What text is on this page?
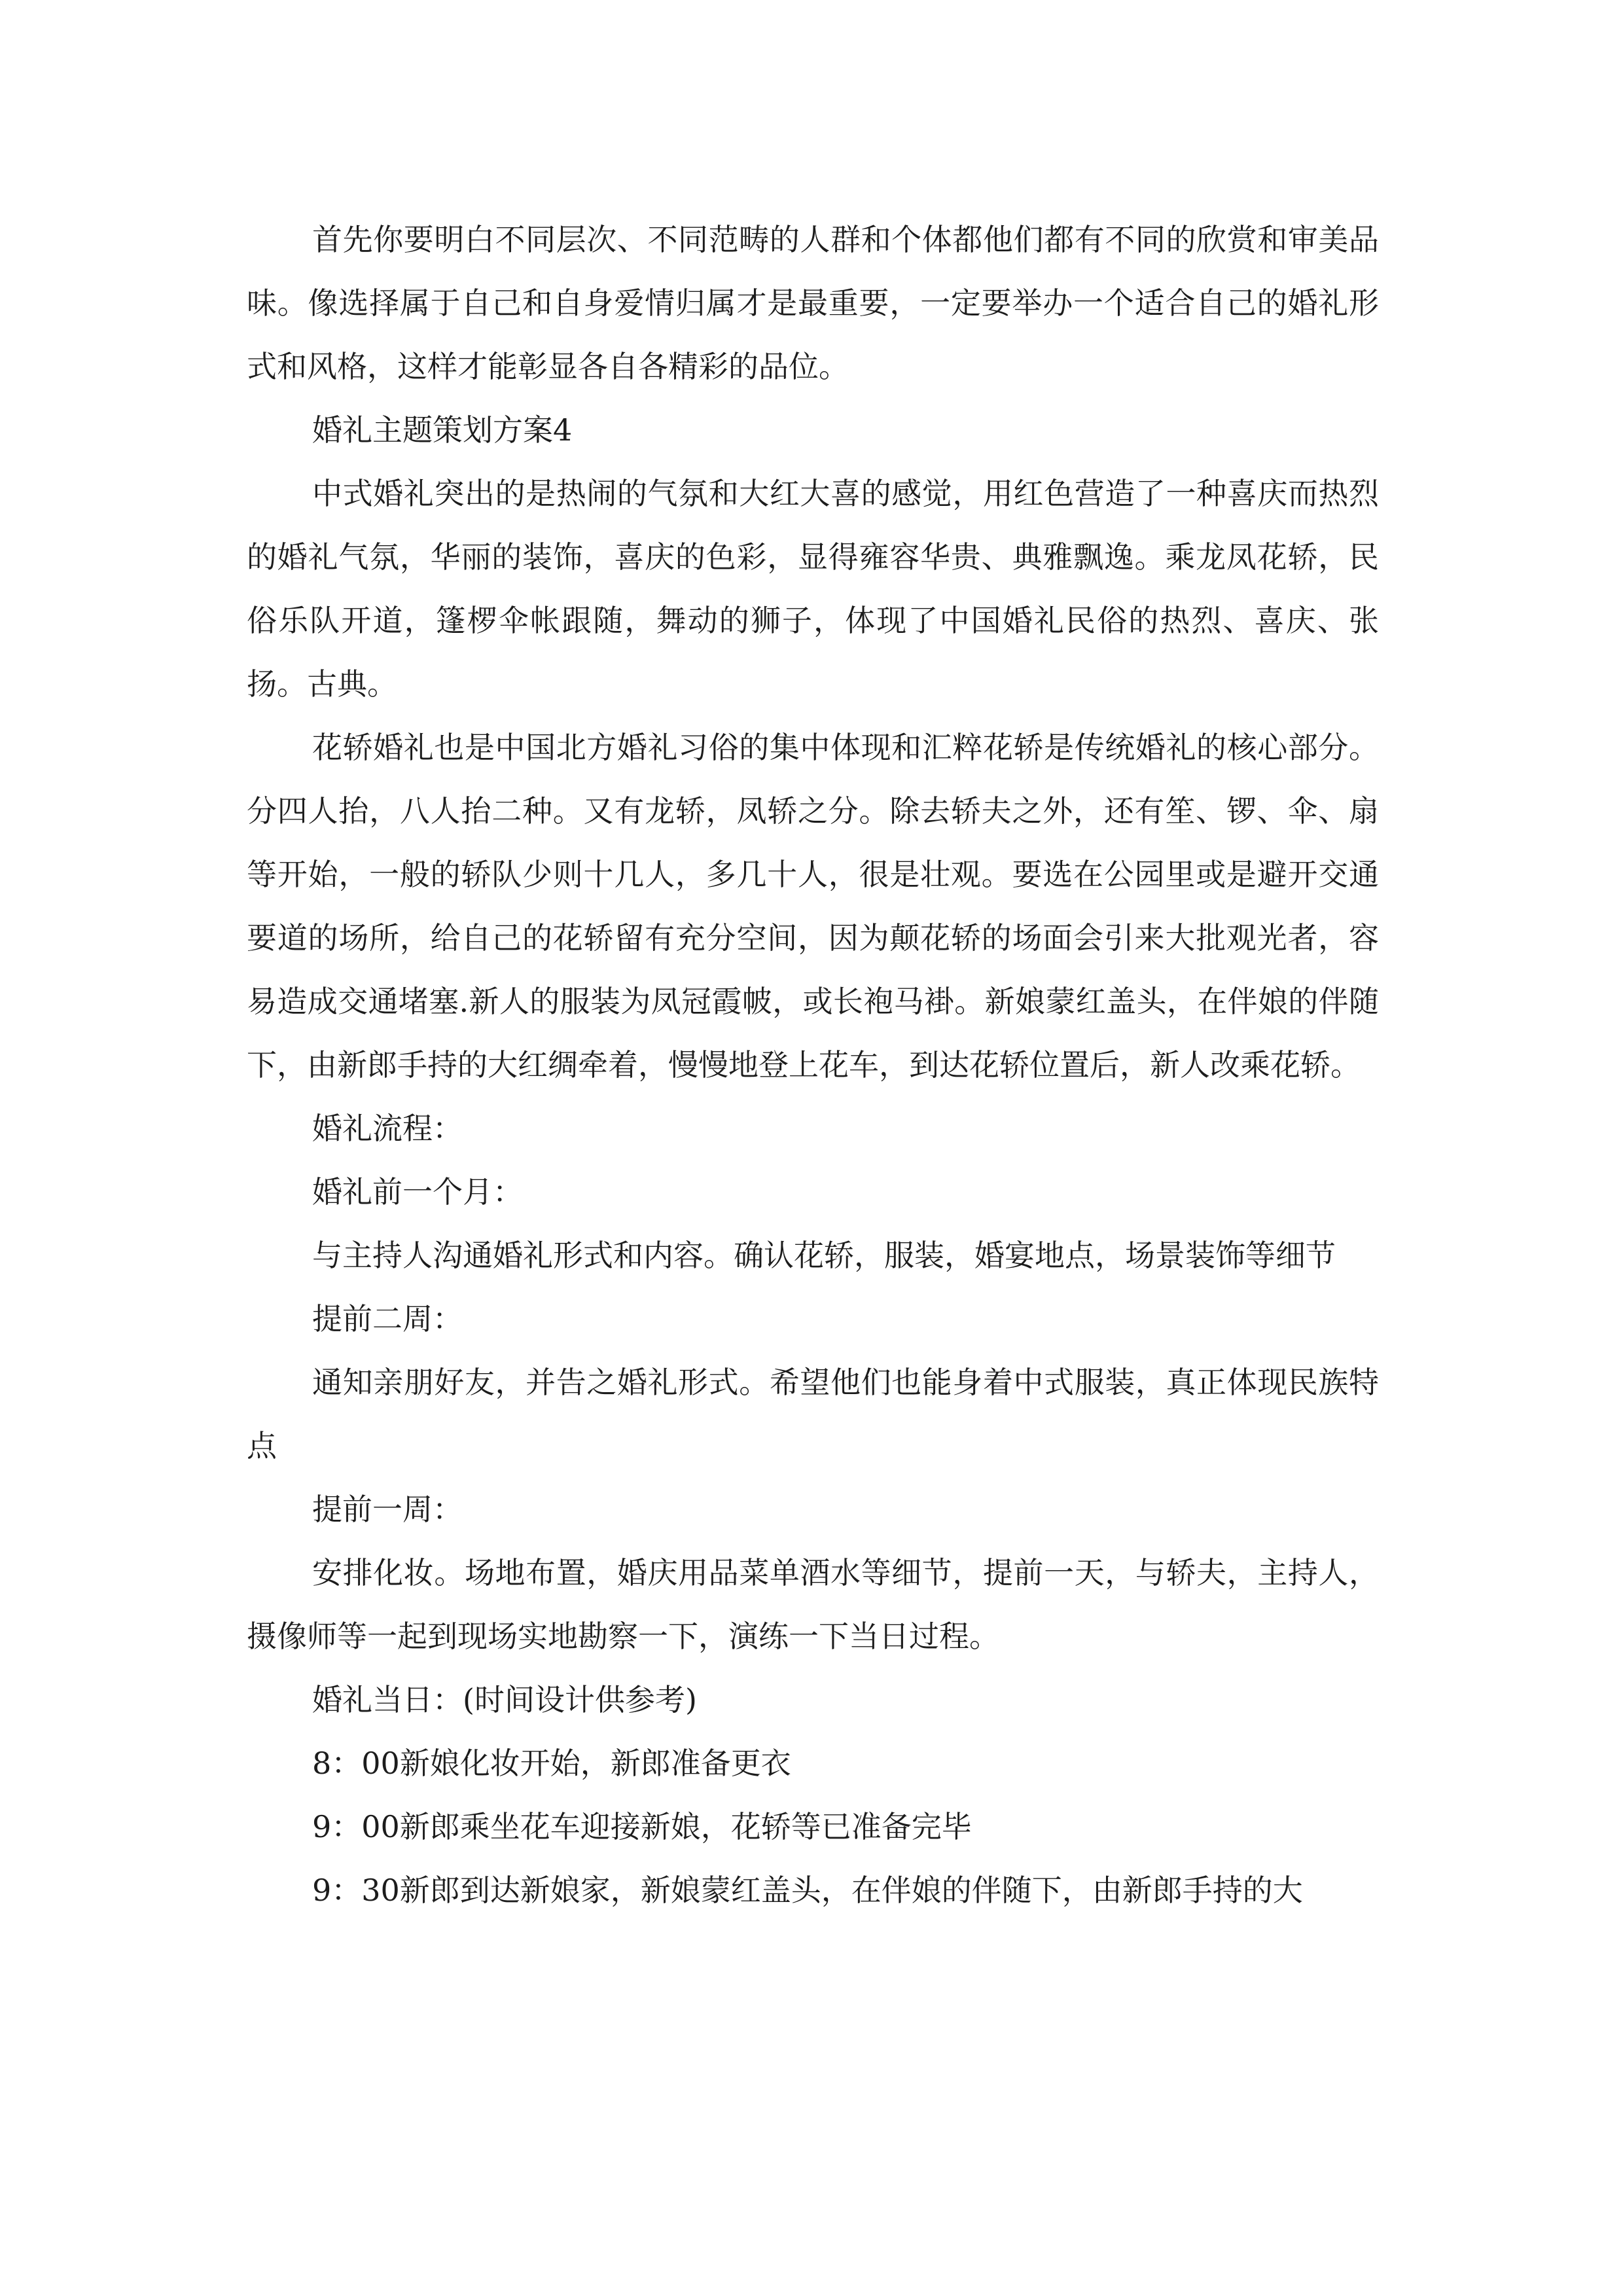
首先你要明白不同层次、不同范畴的人群和个体都他们都有不同的欣赏和审美品味。像选择属于自己和自身爱情归属才是最重要，一定要举办一个适合自己的婚礼形式和风格，这样才能彰显各自各精彩的品位。

婚礼主题策划方案4

中式婚礼突出的是热闹的气氛和大红大喜的感觉，用红色营造了一种喜庆而热烈的婚礼气氛，华丽的装饰，喜庆的色彩，显得雍容华贵、典雅飘逸。乘龙凤花轿，民俗乐队开道，篷椤伞帐跟随，舞动的狮子，体现了中国婚礼民俗的热烈、喜庆、张扬。古典。

花轿婚礼也是中国北方婚礼习俗的集中体现和汇粹花轿是传统婚礼的核心部分。分四人抬，八人抬二种。又有龙轿，凤轿之分。除去轿夫之外，还有笙、锣、伞、扇等开始，一般的轿队少则十几人，多几十人，很是壮观。要选在公园里或是避开交通要道的场所，给自己的花轿留有充分空间，因为颠花轿的场面会引来大批观光者，容易造成交通堵塞.新人的服装为凤冠霞帔，或长袍马褂。新娘蒙红盖头，在伴娘的伴随下，由新郎手持的大红绸牵着，慢慢地登上花车，到达花轿位置后，新人改乘花轿。

婚礼流程：

婚礼前一个月：

与主持人沟通婚礼形式和内容。确认花轿，服装，婚宴地点，场景装饰等细节

提前二周：

通知亲朋好友，并告之婚礼形式。希望他们也能身着中式服装，真正体现民族特点

提前一周：

安排化妆。场地布置，婚庆用品菜单酒水等细节，提前一天，与轿夫，主持人，摄像师等一起到现场实地勘察一下，演练一下当日过程。

婚礼当日：(时间设计供参考)

8：00新娘化妆开始，新郎准备更衣

9：00新郎乘坐花车迎接新娘，花轿等已准备完毕

9：30新郎到达新娘家，新娘蒙红盖头，在伴娘的伴随下，由新郎手持的大
